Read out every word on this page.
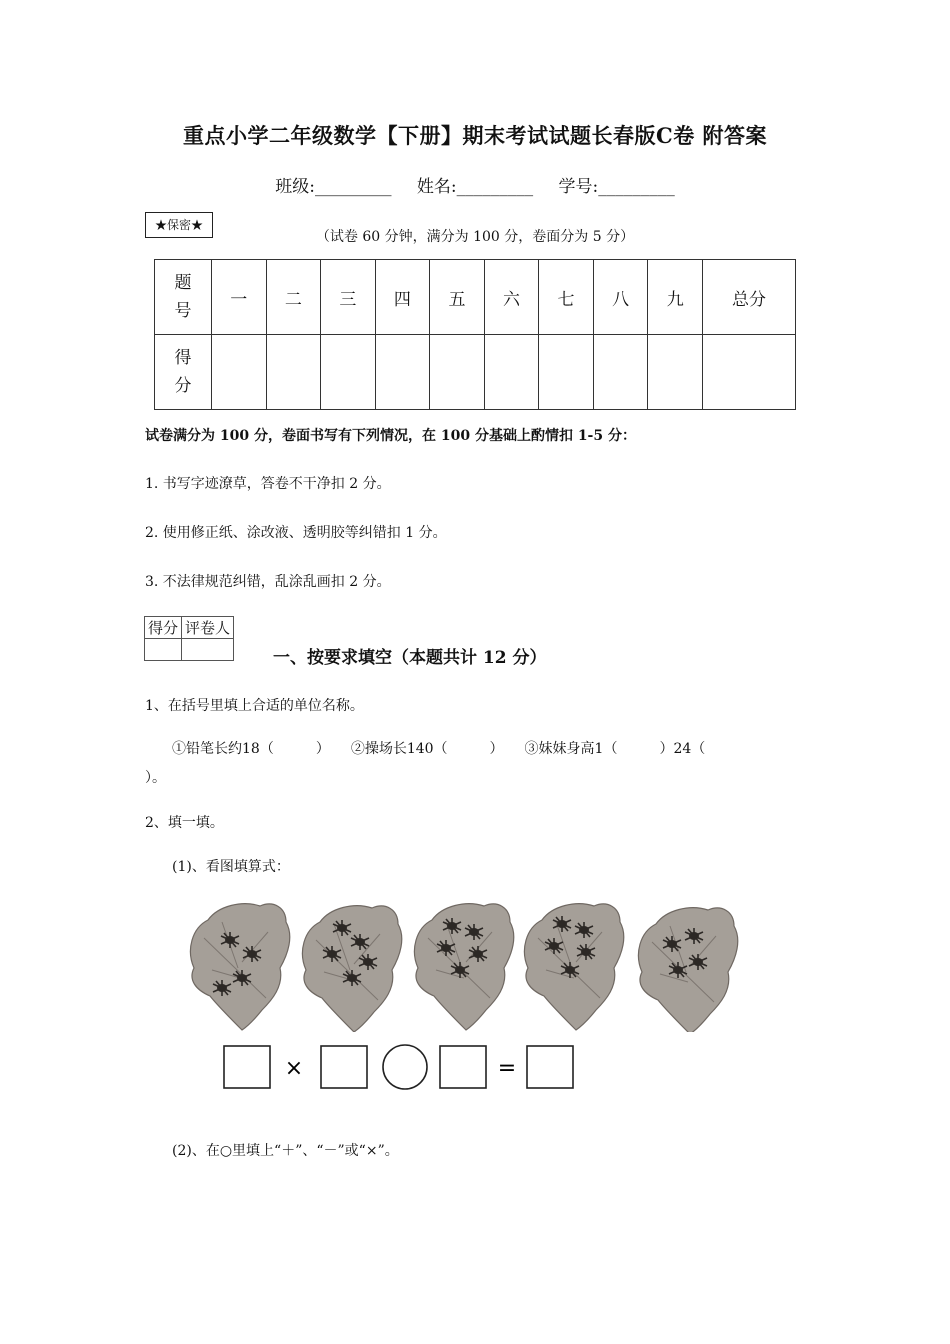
重点小学二年级数学【下册】期末考试试题长春版C卷 附答案
班级:_________ 姓名:_________ 学号:_________
★保密★
（试卷 60 分钟，满分为 100 分，卷面分为 5 分）
题号	一	二	三	四	五	六	七	八	九	总分
得分										
试卷满分为 100 分，卷面书写有下列情况，在 100 分基础上酌情扣 1-5 分：
1. 书写字迹潦草，答卷不干净扣 2 分。
2. 使用修正纸、涂改液、透明胶等纠错扣 1 分。
3. 不法律规范纠错，乱涂乱画扣 2 分。
得分	评卷人

一、按要求填空（本题共计 12 分）
1、在括号里填上合适的单位名称。
①铅笔长约18（　　　）　　②操场长140（　　　）　　③妹妹身高1（　　　）24（
）。
2、填一填。
(1)、看图填算式：
×	=
(2)、在○里填上“＋”、“－”或“×”。
